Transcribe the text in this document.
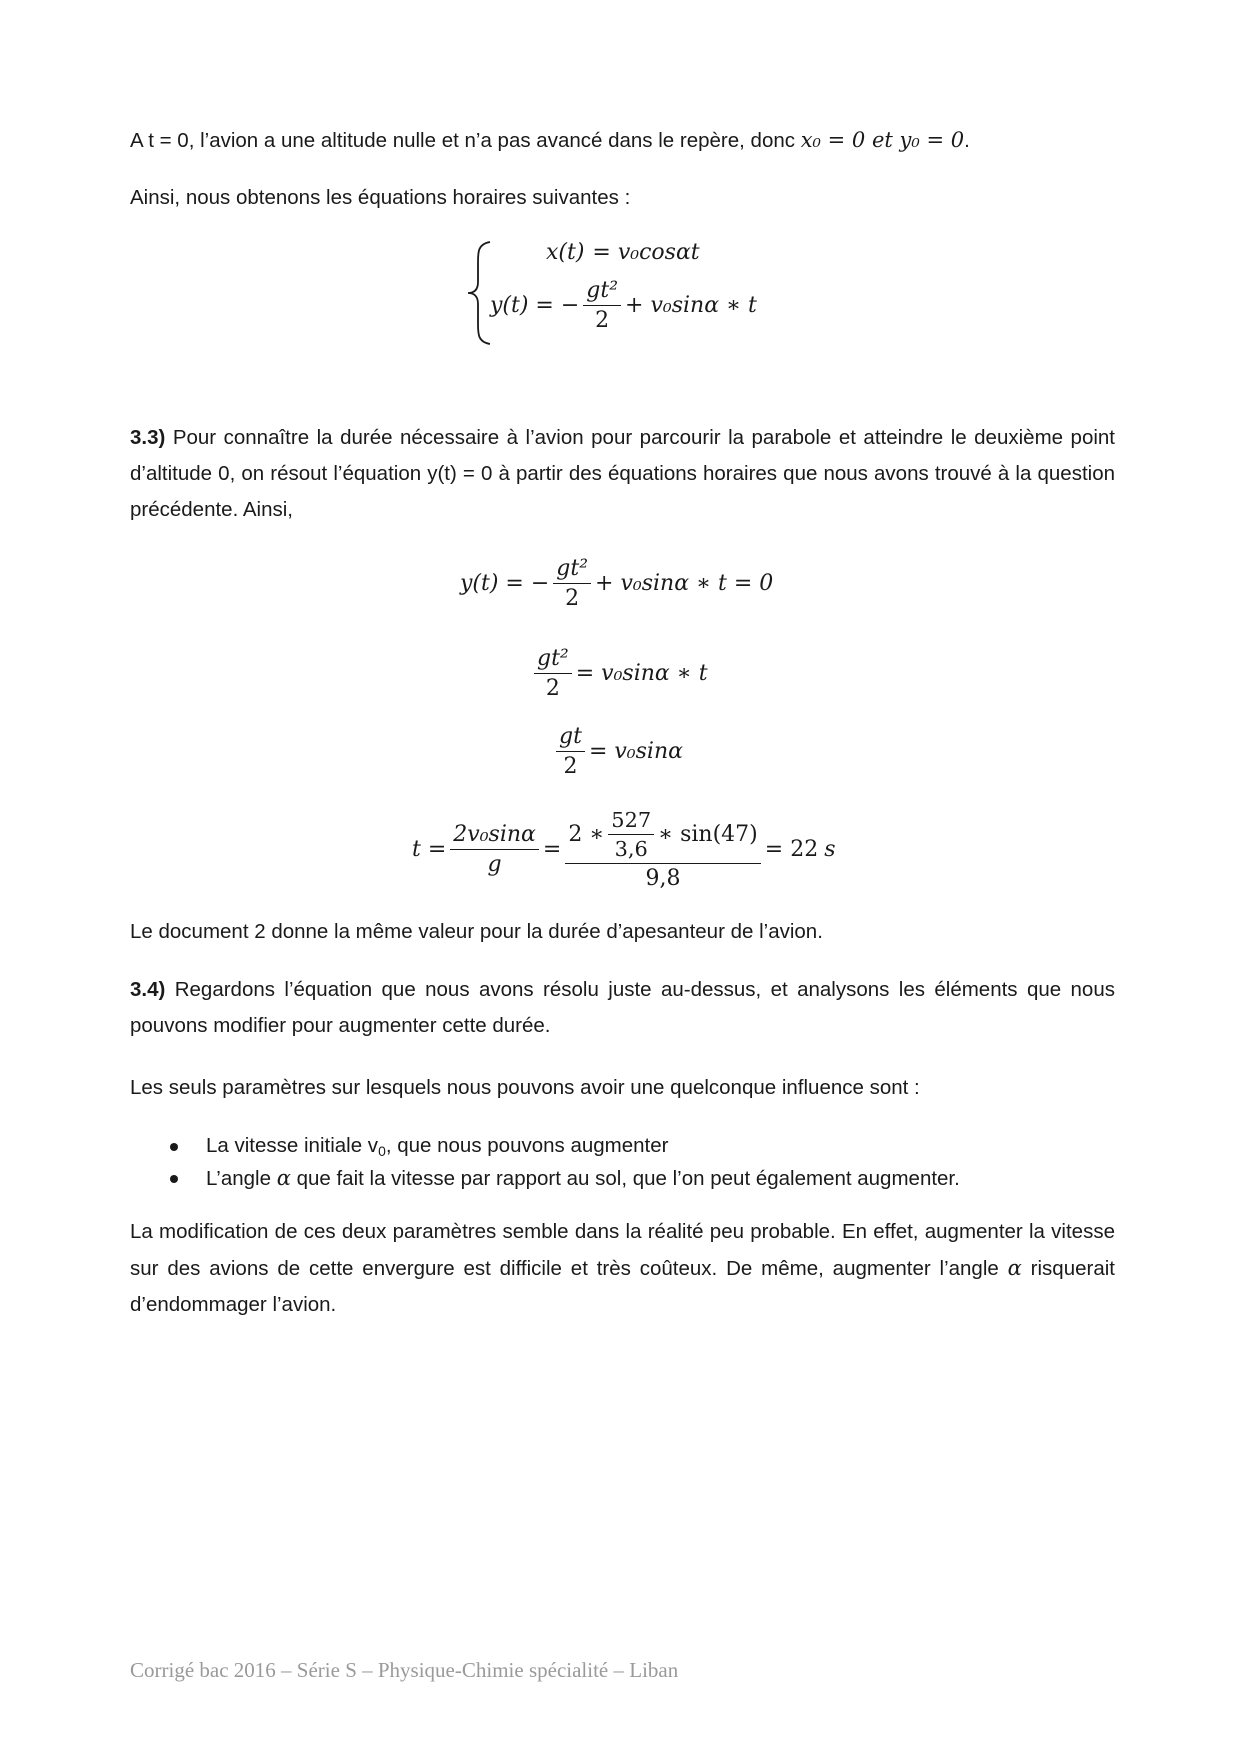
A t = 0, l’avion a une altitude nulle et n’a pas avancé dans le repère, donc x₀ = 0 et y₀ = 0.

Ainsi, nous obtenons les équations horaires suivantes :

x(t) = v₀cosαt
y(t) = − $\frac{\text{gt²}}{2} + v_0\sin\alpha$ ∗ t

3.3) Pour connaître la durée nécessaire à l’avion pour parcourir la parabole et atteindre le deuxième point d’altitude 0, on résout l’équation y(t) = 0 à partir des équations horaires que nous avons trouvé à la question précédente. Ainsi,

y(t) = − $\frac{\text{gt²}}{2} + v_0\sin\alpha$ ∗ t = 0
$\frac{\text{gt²}}{2} = v_0\sin\alpha$ ∗ t
$\frac{gt}{2} = v_0\sin\alpha$
$t = \frac{\text{2v₀sinα}}{g}$ =
2 ∗ $\frac{527}{3,6}$ ∗ sin(47)
9,8
= 22 s

Le document 2 donne la même valeur pour la durée d’apesanteur de l’avion.

3.4) Regardons l’équation que nous avons résolu juste au-dessus, et analysons les éléments que nous pouvons modifier pour augmenter cette durée.

Les seuls paramètres sur lesquels nous pouvons avoir une quelconque influence sont :

La vitesse initiale $v_0$, que nous pouvons augmenter

L’angle α que fait la vitesse par rapport au sol, que l’on peut également augmenter.

La modification de ces deux paramètres semble dans la réalité peu probable. En effet, augmenter la vitesse sur des avions de cette envergure est difficile et très coûteux. De même, augmenter l’angle α risquerait d’endommager l’avion.

Corrigé bac 2016 – Série S – Physique-Chimie spécialité – Liban
